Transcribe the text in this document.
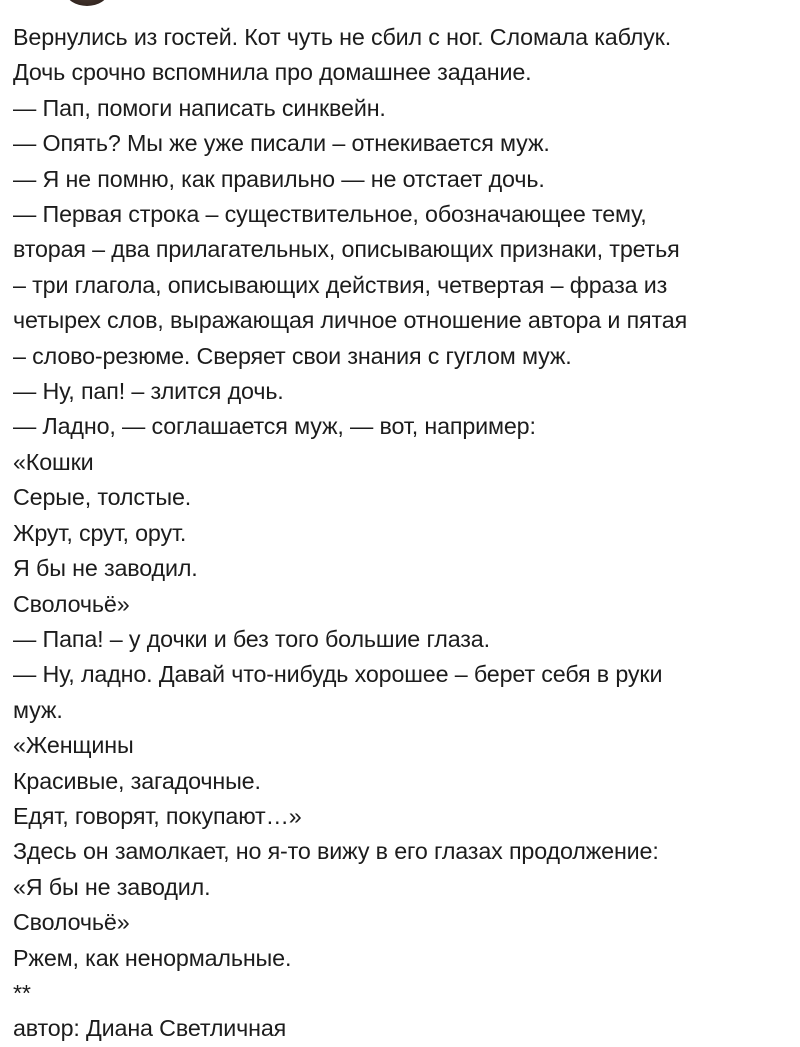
Вернулись из гостей. Кот чуть не сбил с ног. Сломала каблук.
Дочь срочно вспомнила про домашнее задание.
— Пап, помоги написать синквейн.
— Опять? Мы же уже писали – отнекивается муж.
— Я не помню, как правильно — не отстает дочь.
— Первая строка – существительное, обозначающее тему,
вторая – два прилагательных, описывающих признаки, третья
– три глагола, описывающих действия, четвертая – фраза из
четырех слов, выражающая личное отношение автора и пятая
– слово-резюме. Сверяет свои знания с гуглом муж.
— Ну, пап! – злится дочь.
— Ладно, — соглашается муж, — вот, например:
«Кошки
Серые, толстые.
Жрут, срут, орут.
Я бы не заводил.
Сволочьё»
— Папа! – у дочки и без того большие глаза.
— Ну, ладно. Давай что-нибудь хорошее – берет себя в руки
муж.
«Женщины
Красивые, загадочные.
Едят, говорят, покупают…»
Здесь он замолкает, но я-то вижу в его глазах продолжение:
«Я бы не заводил.
Сволочьё»
Ржем, как ненормальные.
**
автор: Диана Светличная
